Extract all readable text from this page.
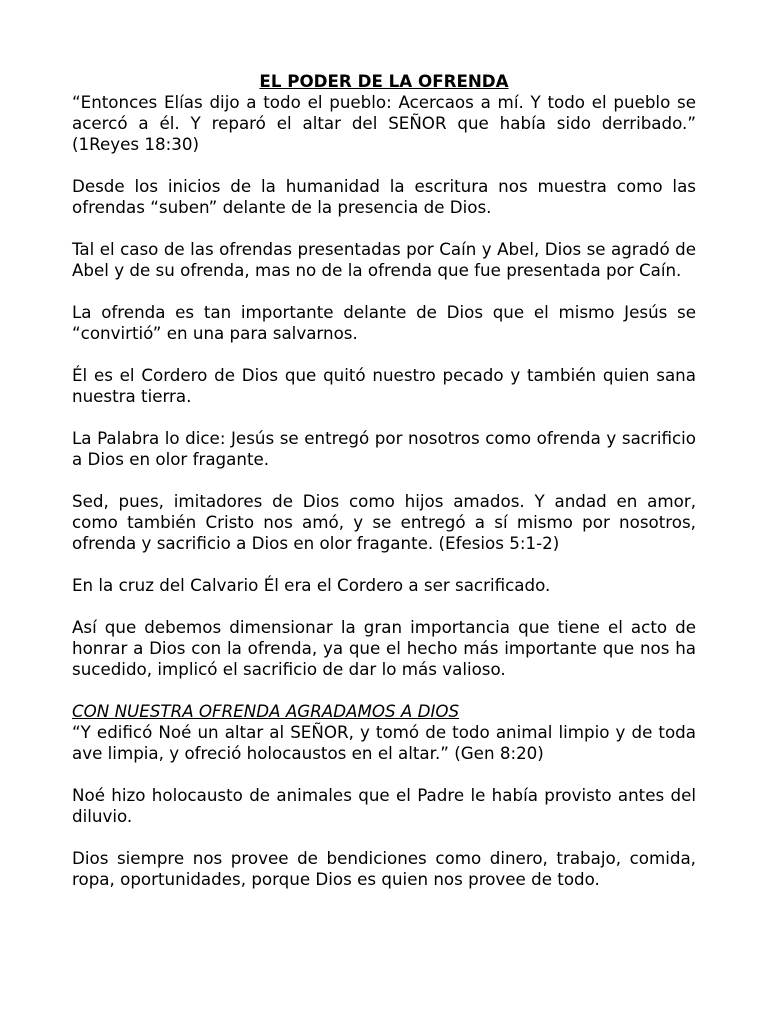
EL PODER DE LA OFRENDA

“Entonces Elías dijo a todo el pueblo: Acercaos a mí. Y todo el pueblo se acercó a él. Y reparó el altar del SEÑOR que había sido derribado.” (1Reyes 18:30)

Desde los inicios de la humanidad la escritura nos muestra como las ofrendas “suben” delante de la presencia de Dios.

Tal el caso de las ofrendas presentadas por Caín y Abel, Dios se agradó de Abel y de su ofrenda, mas no de la ofrenda que fue presentada por Caín.

La ofrenda es tan importante delante de Dios que el mismo Jesús se “convirtió” en una para salvarnos.

Él es el Cordero de Dios que quitó nuestro pecado y también quien sana nuestra tierra.

La Palabra lo dice: Jesús se entregó por nosotros como ofrenda y sacrificio a Dios en olor fragante.

Sed, pues, imitadores de Dios como hijos amados. Y andad en amor, como también Cristo nos amó, y se entregó a sí mismo por nosotros, ofrenda y sacrificio a Dios en olor fragante. (Efesios 5:1-2)

En la cruz del Calvario Él era el Cordero a ser sacrificado.

Así que debemos dimensionar la gran importancia que tiene el acto de honrar a Dios con la ofrenda, ya que el hecho más importante que nos ha sucedido, implicó el sacrificio de dar lo más valioso.

CON NUESTRA OFRENDA AGRADAMOS A DIOS

“Y edificó Noé un altar al SEÑOR, y tomó de todo animal limpio y de toda ave limpia, y ofreció holocaustos en el altar.” (Gen 8:20)

Noé hizo holocausto de animales que el Padre le había provisto antes del diluvio.

Dios siempre nos provee de bendiciones como dinero, trabajo, comida, ropa, oportunidades, porque Dios es quien nos provee de todo.
